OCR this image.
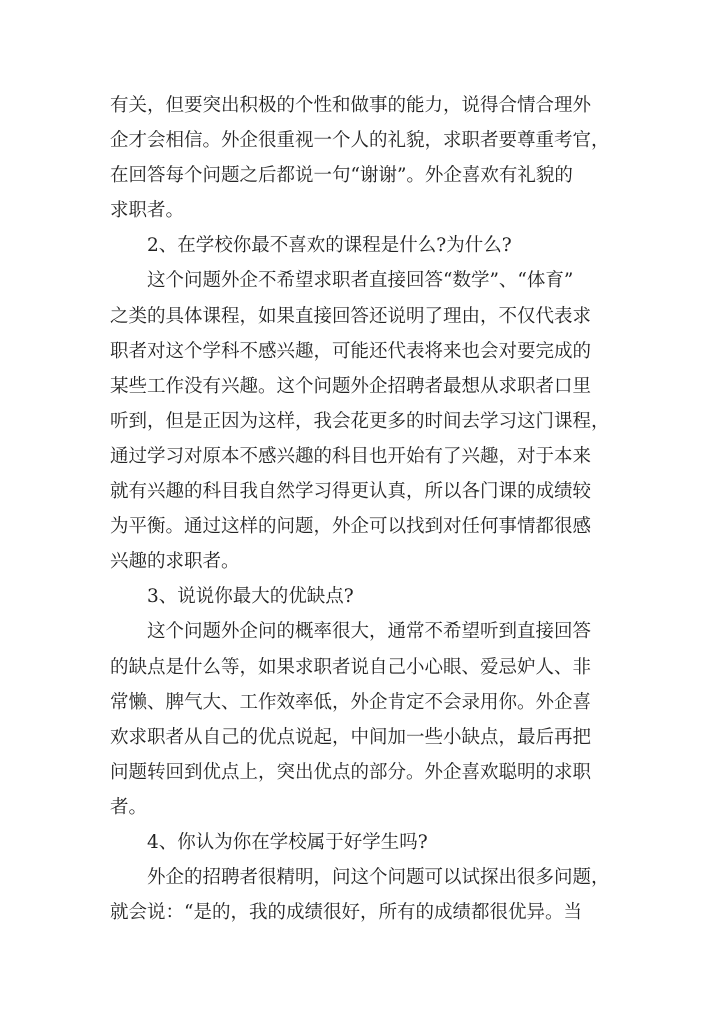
有关，但要突出积极的个性和做事的能力，说得合情合理外
企才会相信。外企很重视一个人的礼貌，求职者要尊重考官，
在回答每个问题之后都说一句“谢谢”。外企喜欢有礼貌的
求职者。
2、在学校你最不喜欢的课程是什么?为什么?
这个问题外企不希望求职者直接回答“数学”、“体育”
之类的具体课程，如果直接回答还说明了理由，不仅代表求
职者对这个学科不感兴趣，可能还代表将来也会对要完成的
某些工作没有兴趣。这个问题外企招聘者最想从求职者口里
听到，但是正因为这样，我会花更多的时间去学习这门课程，
通过学习对原本不感兴趣的科目也开始有了兴趣，对于本来
就有兴趣的科目我自然学习得更认真，所以各门课的成绩较
为平衡。通过这样的问题，外企可以找到对任何事情都很感
兴趣的求职者。
3、说说你最大的优缺点?
这个问题外企问的概率很大，通常不希望听到直接回答
的缺点是什么等，如果求职者说自己小心眼、爱忌妒人、非
常懒、脾气大、工作效率低，外企肯定不会录用你。外企喜
欢求职者从自己的优点说起，中间加一些小缺点，最后再把
问题转回到优点上，突出优点的部分。外企喜欢聪明的求职
者。
4、你认为你在学校属于好学生吗?
外企的招聘者很精明，问这个问题可以试探出很多问题，
就会说：“是的，我的成绩很好，所有的成绩都很优异。当
